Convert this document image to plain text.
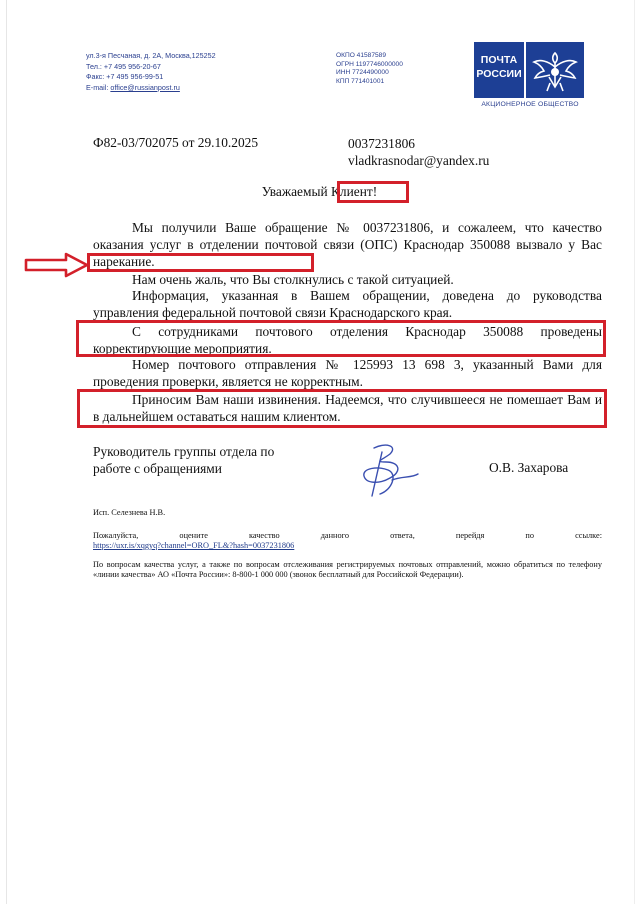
ул.3-я Песчаная, д. 2А, Москва,125252
Тел.: +7 495 956-20-67
Факс: +7 495 956-99-51
E-mail: office@russianpost.ru
ОКПО 41587589
ОГРН 1197746000000
ИНН 7724490000
КПП 771401001
ПОЧТА
РОССИИ
АКЦИОНЕРНОЕ ОБЩЕСТВО
Ф82-03/702075 от 29.10.2025	0037231806
vladkrasnodar@yandex.ru
Уважаемый Клиент!
Мы получили Ваше обращение № 0037231806, и сожалеем, что качество оказания услуг в отделении почтовой связи (ОПС) Краснодар 350088 вызвало у Вас нарекание.
Нам очень жаль, что Вы столкнулись с такой ситуацией.
Информация, указанная в Вашем обращении, доведена до руководства управления федеральной почтовой связи Краснодарского края.
С сотрудниками почтового отделения Краснодар 350088 проведены корректирующие мероприятия.
Номер почтового отправления № 125993 13 698 3, указанный Вами для проведения проверки, является не корректным.
Приносим Вам наши извинения. Надеемся, что случившееся не помешает Вам и в дальнейшем оставаться нашим клиентом.
Руководитель группы отдела по
работе с обращениями	О.В. Захарова
Исп. Селезнева Н.В.
Пожалуйста, оцените качество данного ответа, перейдя по ссылке:
https://uxr.is/xqgyq?channel=ORO_FL&?hash=0037231806
По вопросам качества услуг, а также по вопросам отслеживания регистрируемых почтовых отправлений, можно обратиться по телефону «линии качества» АО «Почта России»: 8-800-1 000 000 (звонок бесплатный для Российской Федерации).
